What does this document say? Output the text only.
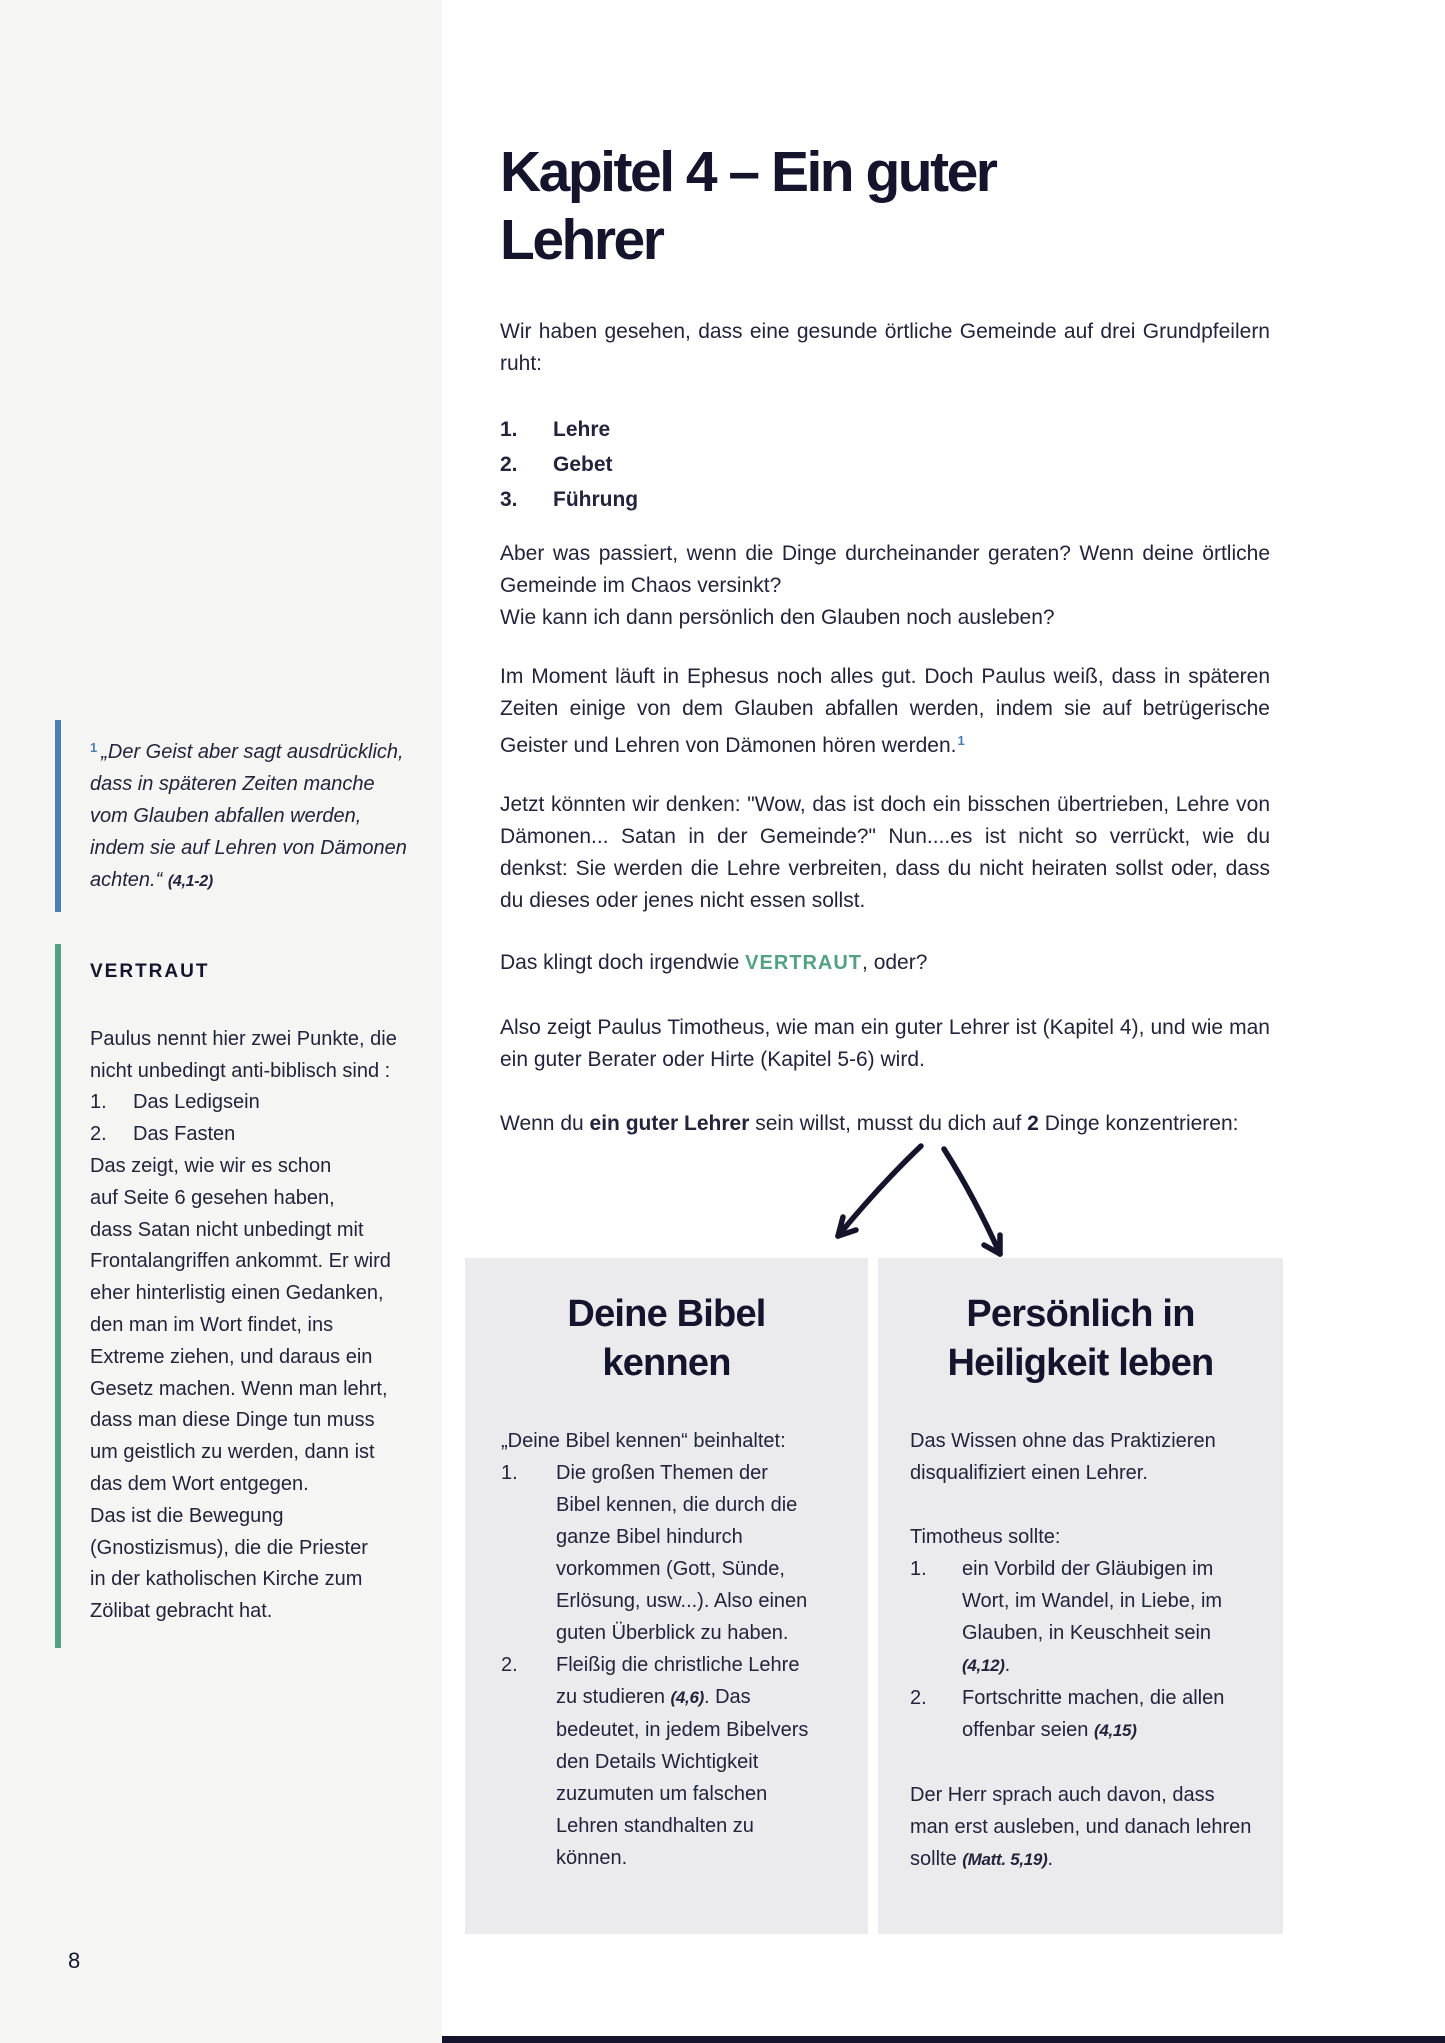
$^1$ „Der Geist aber sagt ausdrücklich,
dass in späteren Zeiten manche
vom Glauben abfallen werden,
indem sie auf Lehren von Dämonen
achten.“ (4,1-2)
VERTRAUT
Paulus nennt hier zwei Punkte, die
nicht unbedingt anti-biblisch sind :
1. Das Ledigsein
2. Das Fasten
Das zeigt, wie wir es schon
auf Seite 6 gesehen haben,
dass Satan nicht unbedingt mit
Frontalangriffen ankommt. Er wird
eher hinterlistig einen Gedanken,
den man im Wort findet, ins
Extreme ziehen, und daraus ein
Gesetz machen. Wenn man lehrt,
dass man diese Dinge tun muss
um geistlich zu werden, dann ist
das dem Wort entgegen.
Das ist die Bewegung
(Gnostizismus), die die Priester
in der katholischen Kirche zum
Zölibat gebracht hat.
Kapitel 4 – Ein guter
Lehrer

Wir haben gesehen, dass eine gesunde örtliche Gemeinde auf drei Grundpfeilern ruht:

1. Lehre
2. Gebet
3. Führung

Aber was passiert, wenn die Dinge durcheinander geraten? Wenn deine örtliche Gemeinde im Chaos versinkt?
Wie kann ich dann persönlich den Glauben noch ausleben?

Im Moment läuft in Ephesus noch alles gut. Doch Paulus weiß, dass in späteren Zeiten einige von dem Glauben abfallen werden, indem sie auf betrügerische Geister und Lehren von Dämonen hören werden.$^1$

Jetzt könnten wir denken: "Wow, das ist doch ein bisschen übertrieben, Lehre von Dämonen... Satan in der Gemeinde?" Nun....es ist nicht so verrückt, wie du denkst: Sie werden die Lehre verbreiten, dass du nicht heiraten sollst oder, dass du dieses oder jenes nicht essen sollst.

Das klingt doch irgendwie VERTRAUT, oder?

Also zeigt Paulus Timotheus, wie man ein guter Lehrer ist (Kapitel 4), und wie man ein guter Berater oder Hirte (Kapitel 5-6) wird.

Wenn du ein guter Lehrer sein willst, musst du dich auf 2 Dinge konzentrieren:

Deine Bibel
kennen
„Deine Bibel kennen“ beinhaltet:
1.	Die großen Themen der Bibel kennen, die durch die ganze Bibel hindurch vorkommen (Gott, Sünde, Erlösung, usw...). Also einen guten Überblick zu haben.
2.	Fleißig die christliche Lehre zu studieren (4,6). Das bedeutet, in jedem Bibelvers den Details Wichtigkeit zuzumuten um falschen Lehren standhalten zu können.
Persönlich in
Heiligkeit leben
Das Wissen ohne das Praktizieren disqualifiziert einen Lehrer.
Timotheus sollte:
1.	ein Vorbild der Gläubigen im Wort, im Wandel, in Liebe, im Glauben, in Keuschheit sein (4,12).
2.	Fortschritte machen, die allen offenbar seien (4,15)
Der Herr sprach auch davon, dass man erst ausleben, und danach lehren sollte (Matt. 5,19).
8
